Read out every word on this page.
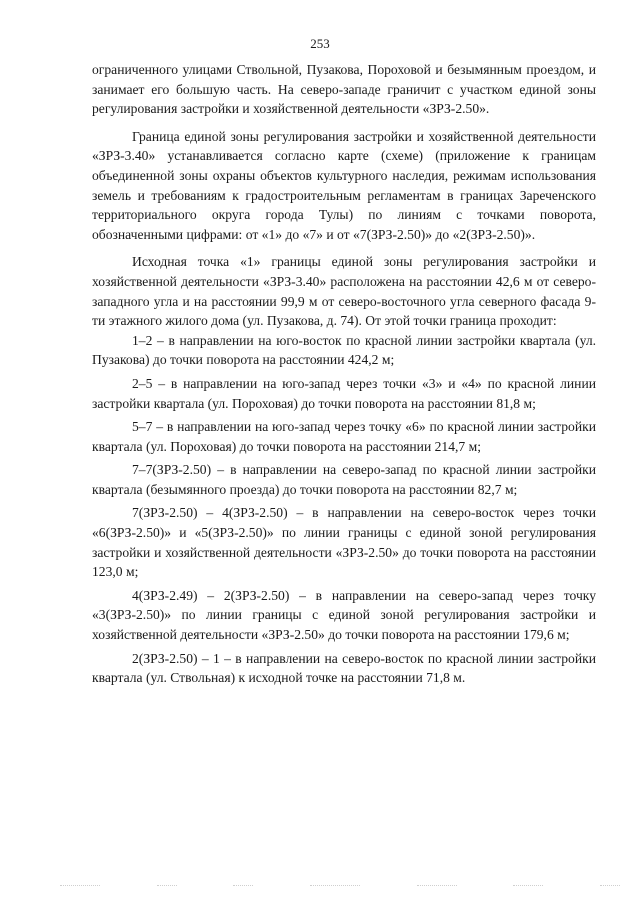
253

ограниченного улицами Ствольной, Пузакова, Пороховой и безымянным проездом, и занимает его большую часть. На северо-западе граничит с участком единой зоны регулирования застройки и хозяйственной деятельности «ЗРЗ-2.50».

Граница единой зоны регулирования застройки и хозяйственной деятельности «ЗРЗ-3.40» устанавливается согласно карте (схеме) (приложение к границам объединенной зоны охраны объектов культурного наследия, режимам использования земель и требованиям к градостроительным регламентам в границах Зареченского территориального округа города Тулы) по линиям с точками поворота, обозначенными цифрами: от «1» до «7» и от «7(ЗРЗ-2.50)» до «2(ЗРЗ-2.50)».

Исходная точка «1» границы единой зоны регулирования застройки и хозяйственной деятельности «ЗРЗ-3.40» расположена на расстоянии 42,6 м от северо-западного угла и на расстоянии 99,9 м от северо-восточного угла северного фасада 9-ти этажного жилого дома (ул. Пузакова, д. 74). От этой точки граница проходит:

1–2 – в направлении на юго-восток по красной линии застройки квартала (ул. Пузакова) до точки поворота на расстоянии 424,2 м;

2–5 – в направлении на юго-запад через точки «3» и «4» по красной линии застройки квартала (ул. Пороховая) до точки поворота на расстоянии 81,8 м;

5–7 – в направлении на юго-запад через точку «6» по красной линии застройки квартала (ул. Пороховая) до точки поворота на расстоянии 214,7 м;

7–7(ЗРЗ-2.50) – в направлении на северо-запад по красной линии застройки квартала (безымянного проезда) до точки поворота на расстоянии 82,7 м;

7(ЗРЗ-2.50) – 4(ЗРЗ-2.50) – в направлении на северо-восток через точки «6(ЗРЗ-2.50)» и «5(ЗРЗ-2.50)» по линии границы с единой зоной регулирования застройки и хозяйственной деятельности «ЗРЗ-2.50» до точки поворота на расстоянии 123,0 м;

4(ЗРЗ-2.49) – 2(ЗРЗ-2.50) – в направлении на северо-запад через точку «3(ЗРЗ-2.50)» по линии границы с единой зоной регулирования застройки и хозяйственной деятельности «ЗРЗ-2.50» до точки поворота на расстоянии 179,6 м;

2(ЗРЗ-2.50) – 1 – в направлении на северо-восток по красной линии застройки квартала (ул. Ствольная) к исходной точке на расстоянии 71,8 м.
